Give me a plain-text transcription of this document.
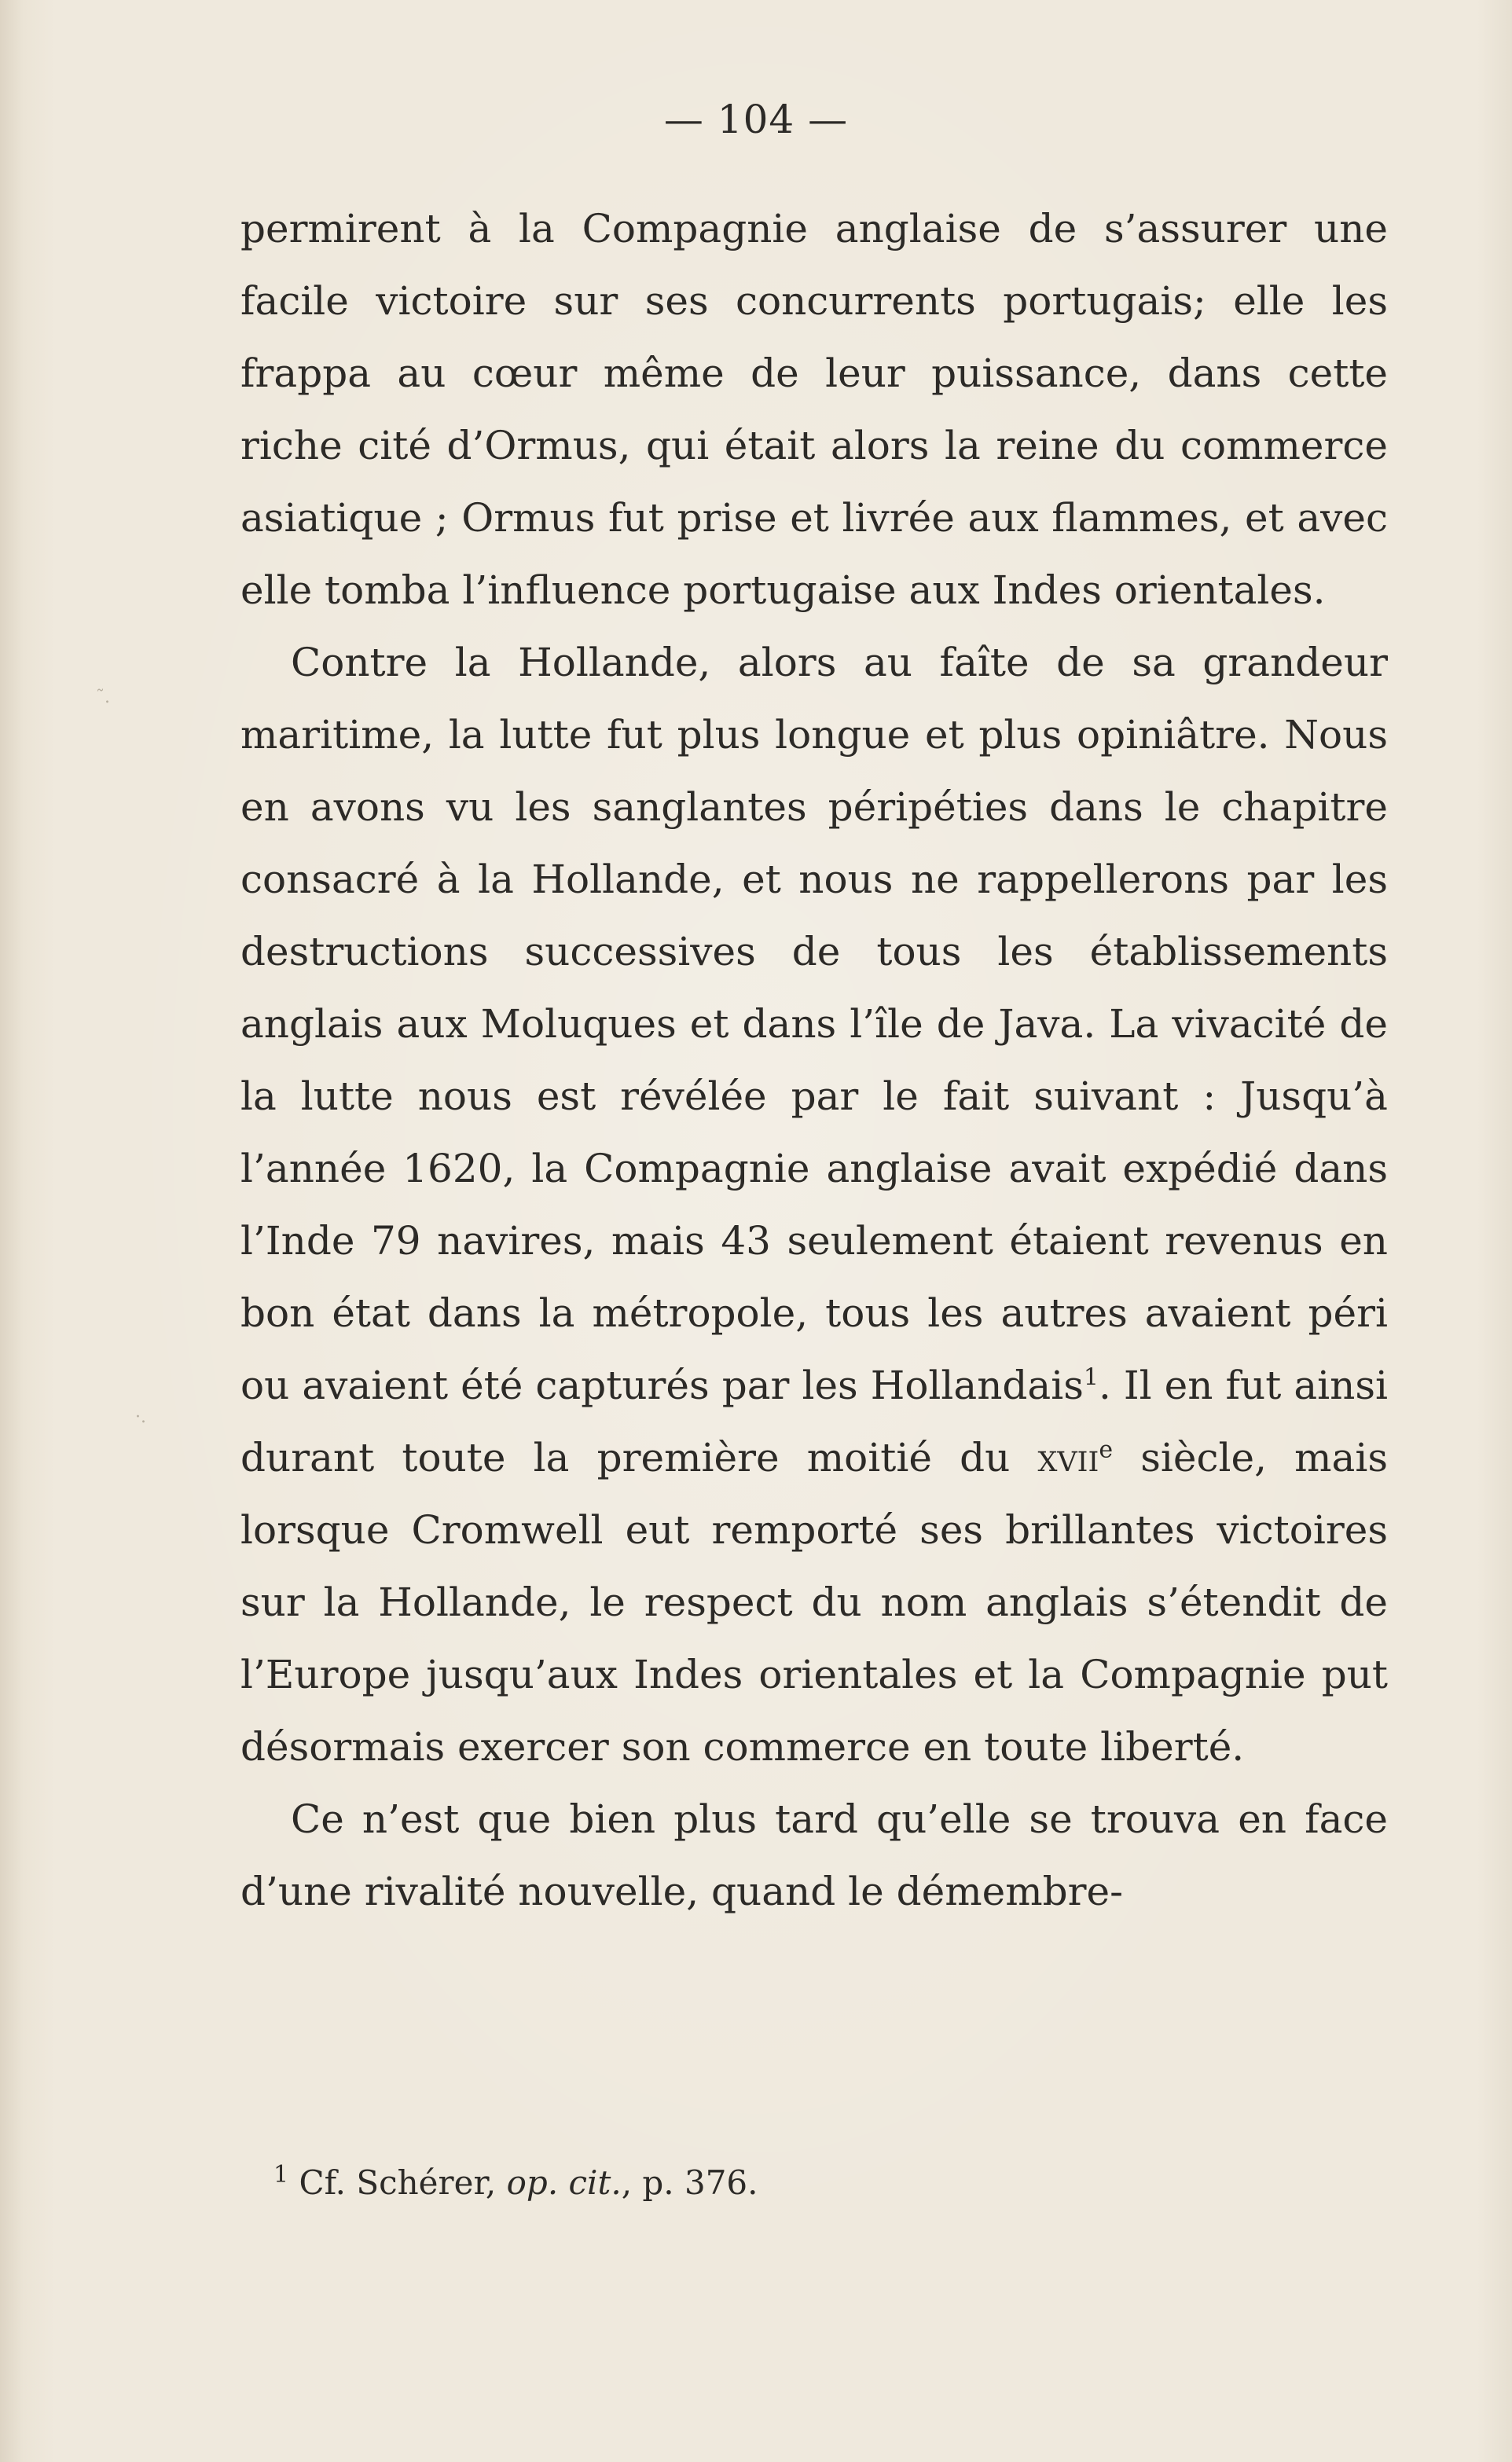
— 104 —

permirent à la Compagnie anglaise de s’assurer une facile victoire sur ses concurrents portugais; elle les frappa au cœur même de leur puissance, dans cette riche cité d’Ormus, qui était alors la reine du commerce asiatique ; Ormus fut prise et livrée aux flammes, et avec elle tomba l’influence portugaise aux Indes orientales.

Contre la Hollande, alors au faîte de sa grandeur maritime, la lutte fut plus longue et plus opiniâtre. Nous en avons vu les sanglantes péripéties dans le chapitre consacré à la Hollande, et nous ne rappellerons par les destructions successives de tous les établissements anglais aux Moluques et dans l’île de Java. La vivacité de la lutte nous est révélée par le fait suivant : Jusqu’à l’année 1620, la Compagnie anglaise avait expédié dans l’Inde 79 navires, mais 43 seulement étaient revenus en bon état dans la métropole, tous les autres avaient péri ou avaient été capturés par les Hollandais$^1$. Il en fut ainsi durant toute la première moitié du xvii$^e$ siècle, mais lorsque Cromwell eut remporté ses brillantes victoires sur la Hollande, le respect du nom anglais s’étendit de l’Europe jusqu’aux Indes orientales et la Compagnie put désormais exercer son commerce en toute liberté.

Ce n’est que bien plus tard qu’elle se trouva en face d’une rivalité nouvelle, quand le démembre-

$^1$ Cf. Schérer, op. cit., p. 376.
˜.
·.
